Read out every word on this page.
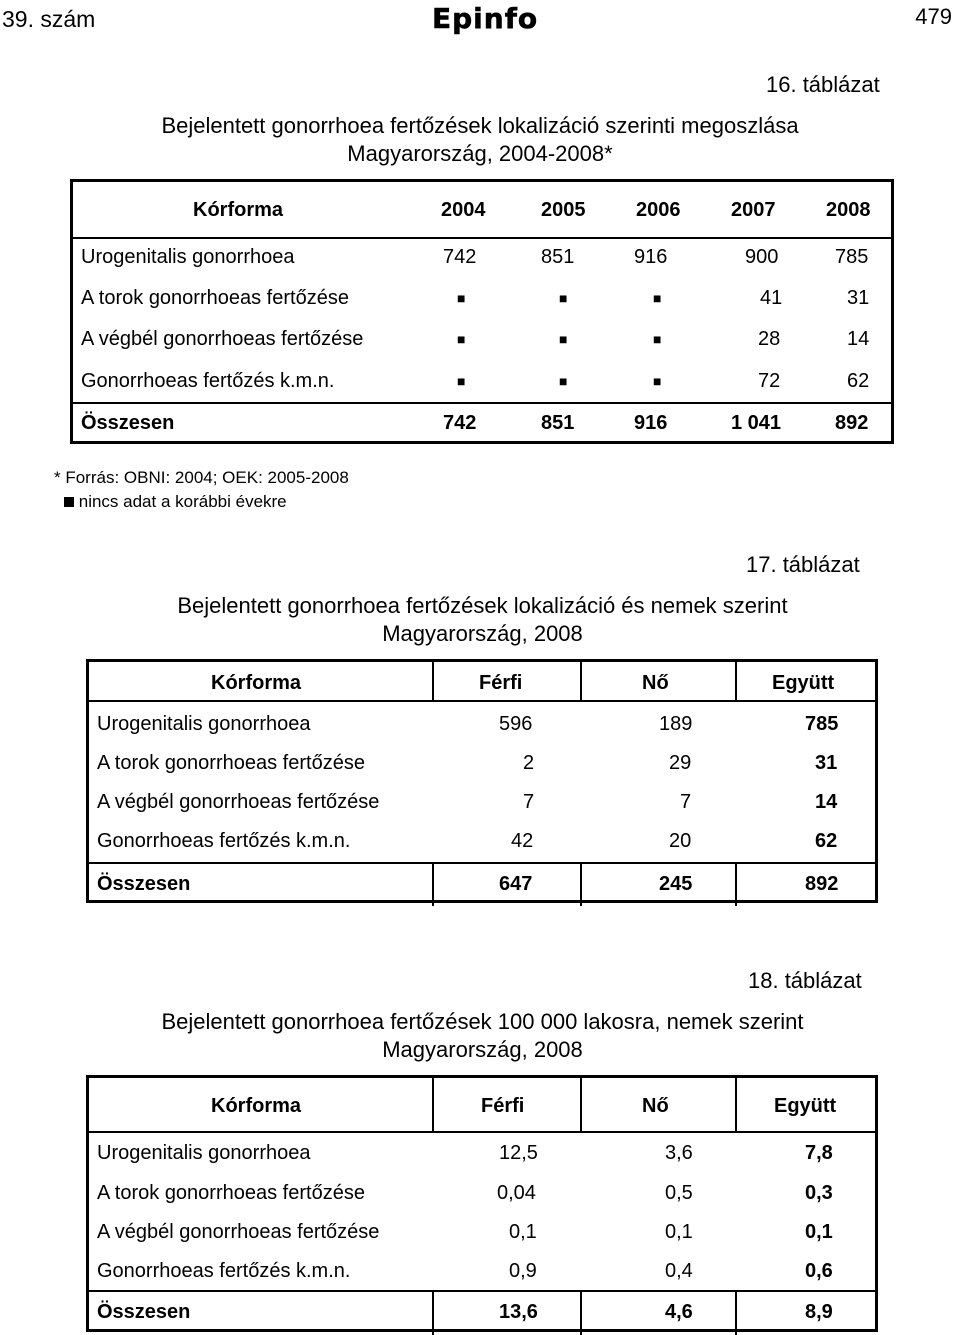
39. szám	Epinfo	479
16. táblázat
Bejelentett gonorrhoea fertőzések lokalizáció szerinti megoszlása
Magyarország, 2004-2008*
Kórforma	2004	2005	2006	2007	2008
Urogenitalis gonorrhoea	742	851	916	900	785
A torok gonorrhoeas fertőzése	■	■	■	41	31
A végbél gonorrhoeas fertőzése	■	■	■	28	14
Gonorrhoeas fertőzés k.m.n.	■	■	■	72	62
Összesen	742	851	916	1 041	892
* Forrás: OBNI: 2004; OEK: 2005-2008
nincs adat a korábbi évekre
17. táblázat
Bejelentett gonorrhoea fertőzések lokalizáció és nemek szerint
Magyarország, 2008
Kórforma	Férfi	Nő	Együtt
Urogenitalis gonorrhoea	596	189	785
A torok gonorrhoeas fertőzése	2	29	31
A végbél gonorrhoeas fertőzése	7	7	14
Gonorrhoeas fertőzés k.m.n.	42	20	62
Összesen	647	245	892
18. táblázat
Bejelentett gonorrhoea fertőzések 100 000 lakosra, nemek szerint
Magyarország, 2008
Kórforma	Férfi	Nő	Együtt
Urogenitalis gonorrhoea	12,5	3,6	7,8
A torok gonorrhoeas fertőzése	0,04	0,5	0,3
A végbél gonorrhoeas fertőzése	0,1	0,1	0,1
Gonorrhoeas fertőzés k.m.n.	0,9	0,4	0,6
Összesen	13,6	4,6	8,9
